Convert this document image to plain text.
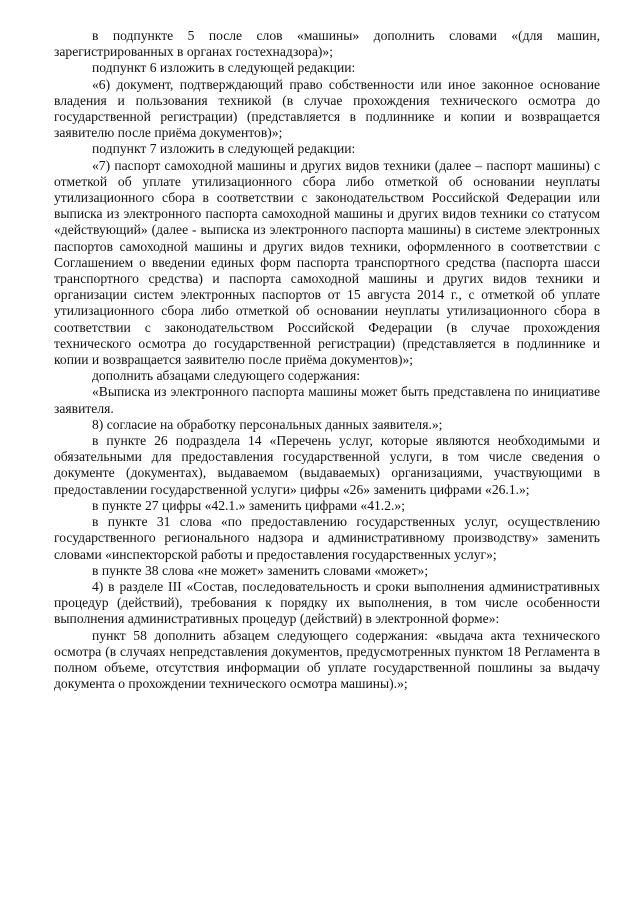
в подпункте 5 после слов «машины» дополнить словами «(для машин, зарегистрированных в органах гостехнадзора)»;

подпункт 6 изложить в следующей редакции:

«6) документ, подтверждающий право собственности или иное законное основание владения и пользования техникой (в случае прохождения технического осмотра до государственной регистрации) (представляется в подлиннике и копии и возвращается заявителю после приёма документов)»;

подпункт 7 изложить в следующей редакции:

«7) паспорт самоходной машины и других видов техники (далее – паспорт машины) с отметкой об уплате утилизационного сбора либо отметкой об основании неуплаты утилизационного сбора в соответствии с законодательством Российской Федерации или выписка из электронного паспорта самоходной машины и других видов техники со статусом «действующий» (далее - выписка из электронного паспорта машины) в системе электронных паспортов самоходной машины и других видов техники, оформленного в соответствии с Соглашением о введении единых форм паспорта транспортного средства (паспорта шасси транспортного средства) и паспорта самоходной машины и других видов техники и организации систем электронных паспортов от 15 августа 2014 г., с отметкой об уплате утилизационного сбора либо отметкой об основании неуплаты утилизационного сбора в соответствии с законодательством Российской Федерации (в случае прохождения технического осмотра до государственной регистрации) (представляется в подлиннике и копии и возвращается заявителю после приёма документов)»;

дополнить абзацами следующего содержания:

«Выписка из электронного паспорта машины может быть представлена по инициативе заявителя.

8) согласие на обработку персональных данных заявителя.»;

в пункте 26 подраздела 14 «Перечень услуг, которые являются необходимыми и обязательными для предоставления государственной услуги, в том числе сведения о документе (документах), выдаваемом (выдаваемых) организациями, участвующими в предоставлении государственной услуги» цифры «26» заменить цифрами «26.1.»;

в пункте 27 цифры «42.1.» заменить цифрами «41.2.»;

в пункте 31 слова «по предоставлению государственных услуг, осуществлению государственного регионального надзора и административному производству» заменить словами «инспекторской работы и предоставления государственных услуг»;

в пункте 38 слова «не может» заменить словами «может»;

4) в разделе III «Состав, последовательность и сроки выполнения административных процедур (действий), требования к порядку их выполнения, в том числе особенности выполнения административных процедур (действий) в электронной форме»:

пункт 58 дополнить абзацем следующего содержания: «выдача акта технического осмотра (в случаях непредставления документов, предусмотренных пунктом 18 Регламента в полном объеме, отсутствия информации об уплате государственной пошлины за выдачу документа о прохождении технического осмотра машины).»;
